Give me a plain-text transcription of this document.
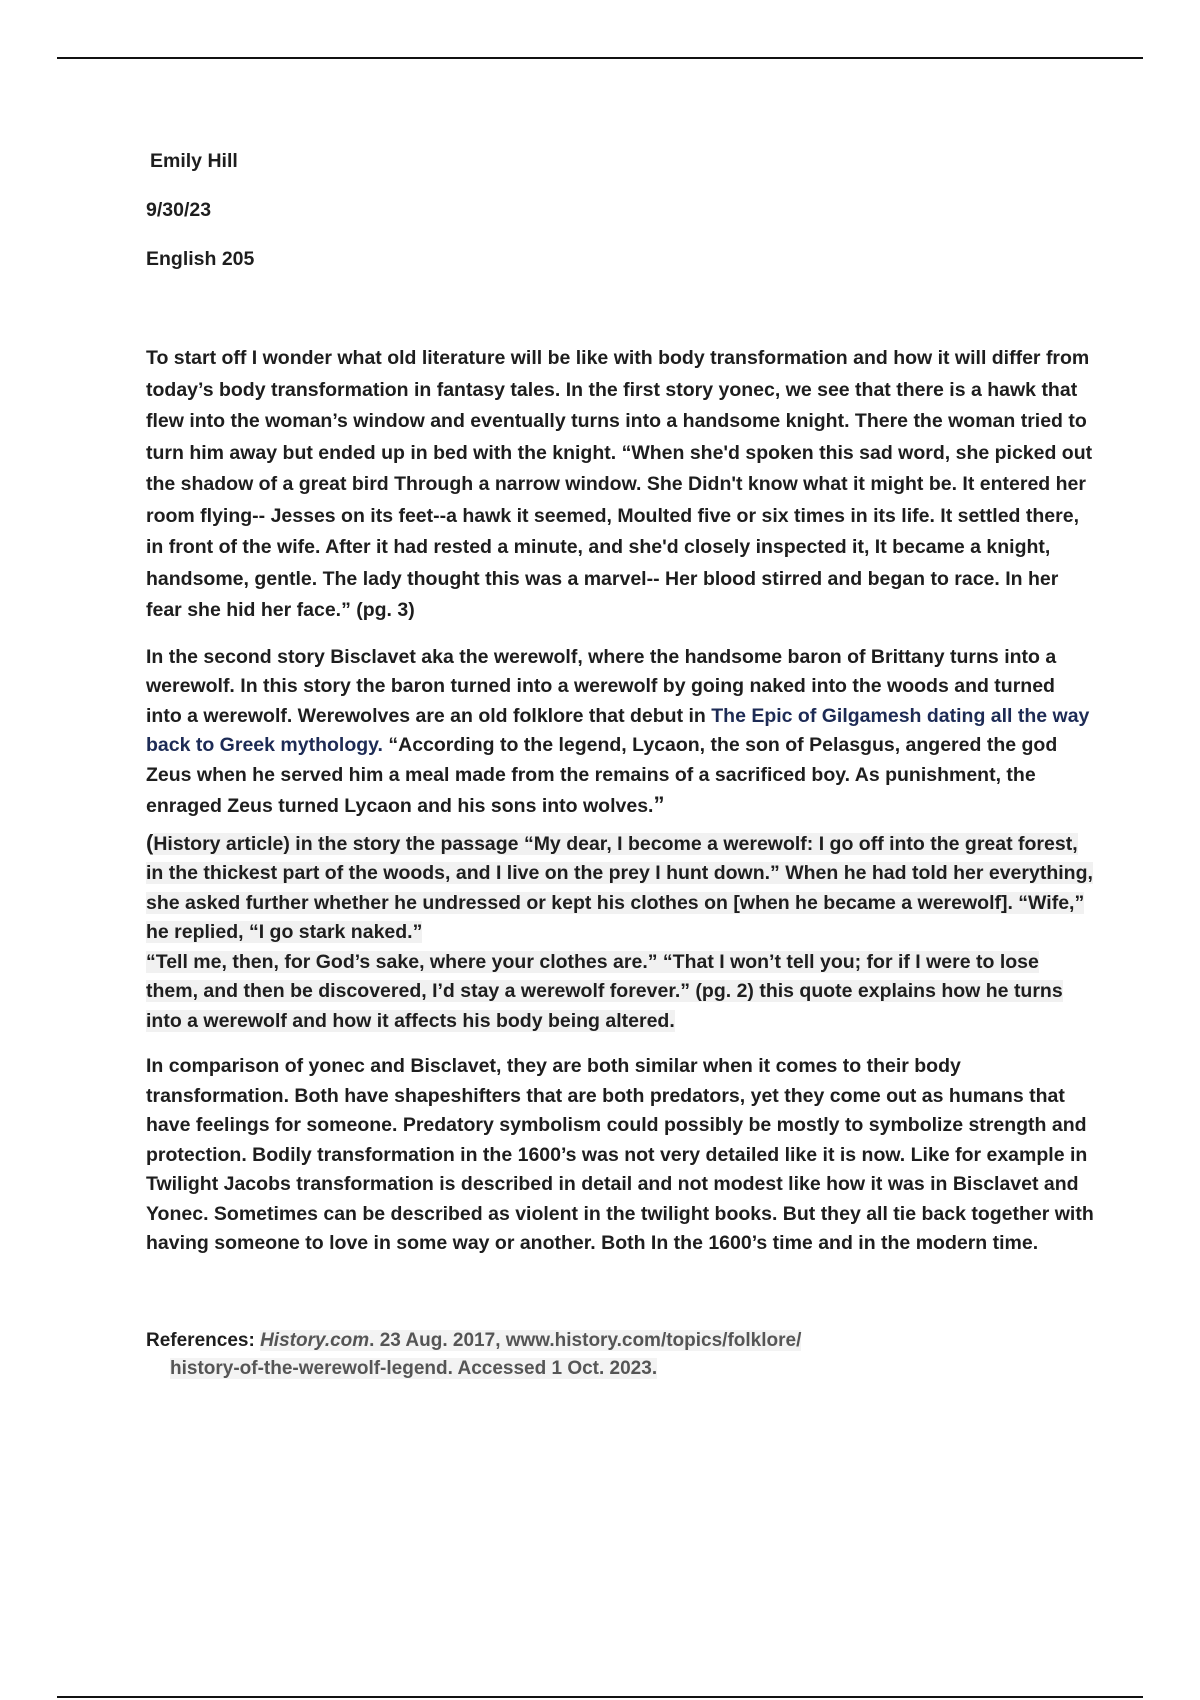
Emily Hill
9/30/23
English 205

To start off I wonder what old literature will be like with body transformation and how it will differ from today’s body transformation in fantasy tales. In the first story yonec, we see that there is a hawk that flew into the woman’s window and eventually turns into a handsome knight. There the woman tried to turn him away but ended up in bed with the knight. “When she'd spoken this sad word, she picked out the shadow of a great bird Through a narrow window. She Didn't know what it might be. It entered her room flying-- Jesses on its feet--a hawk it seemed, Moulted five or six times in its life. It settled there, in front of the wife. After it had rested a minute, and she'd closely inspected it, It became a knight, handsome, gentle. The lady thought this was a marvel-- Her blood stirred and began to race. In her fear she hid her face.” (pg. 3)

In the second story Bisclavet aka the werewolf, where the handsome baron of Brittany turns into a werewolf. In this story the baron turned into a werewolf by going naked into the woods and turned into a werewolf. Werewolves are an old folklore that debut in The Epic of Gilgamesh dating all the way back to Greek mythology. “According to the legend, Lycaon, the son of Pelasgus, angered the god Zeus when he served him a meal made from the remains of a sacrificed boy. As punishment, the enraged Zeus turned Lycaon and his sons into wolves.”

(History article) in the story the passage “My dear, I become a werewolf: I go off into the great forest, in the thickest part of the woods, and I live on the prey I hunt down.” When he had told her everything, she asked further whether he undressed or kept his clothes on [when he became a werewolf]. “Wife,” he replied, “I go stark naked.”
“Tell me, then, for God’s sake, where your clothes are.” “That I won’t tell you; for if I were to lose them, and then be discovered, I’d stay a werewolf forever.” (pg. 2) this quote explains how he turns into a werewolf and how it affects his body being altered.

In comparison of yonec and Bisclavet, they are both similar when it comes to their body transformation. Both have shapeshifters that are both predators, yet they come out as humans that have feelings for someone. Predatory symbolism could possibly be mostly to symbolize strength and protection. Bodily transformation in the 1600’s was not very detailed like it is now. Like for example in Twilight Jacobs transformation is described in detail and not modest like how it was in Bisclavet and Yonec. Sometimes can be described as violent in the twilight books. But they all tie back together with having someone to love in some way or another. Both In the 1600’s time and in the modern time.

References: History.com. 23 Aug. 2017, www.history.com/topics/folklore/
history-of-the-werewolf-legend. Accessed 1 Oct. 2023.
